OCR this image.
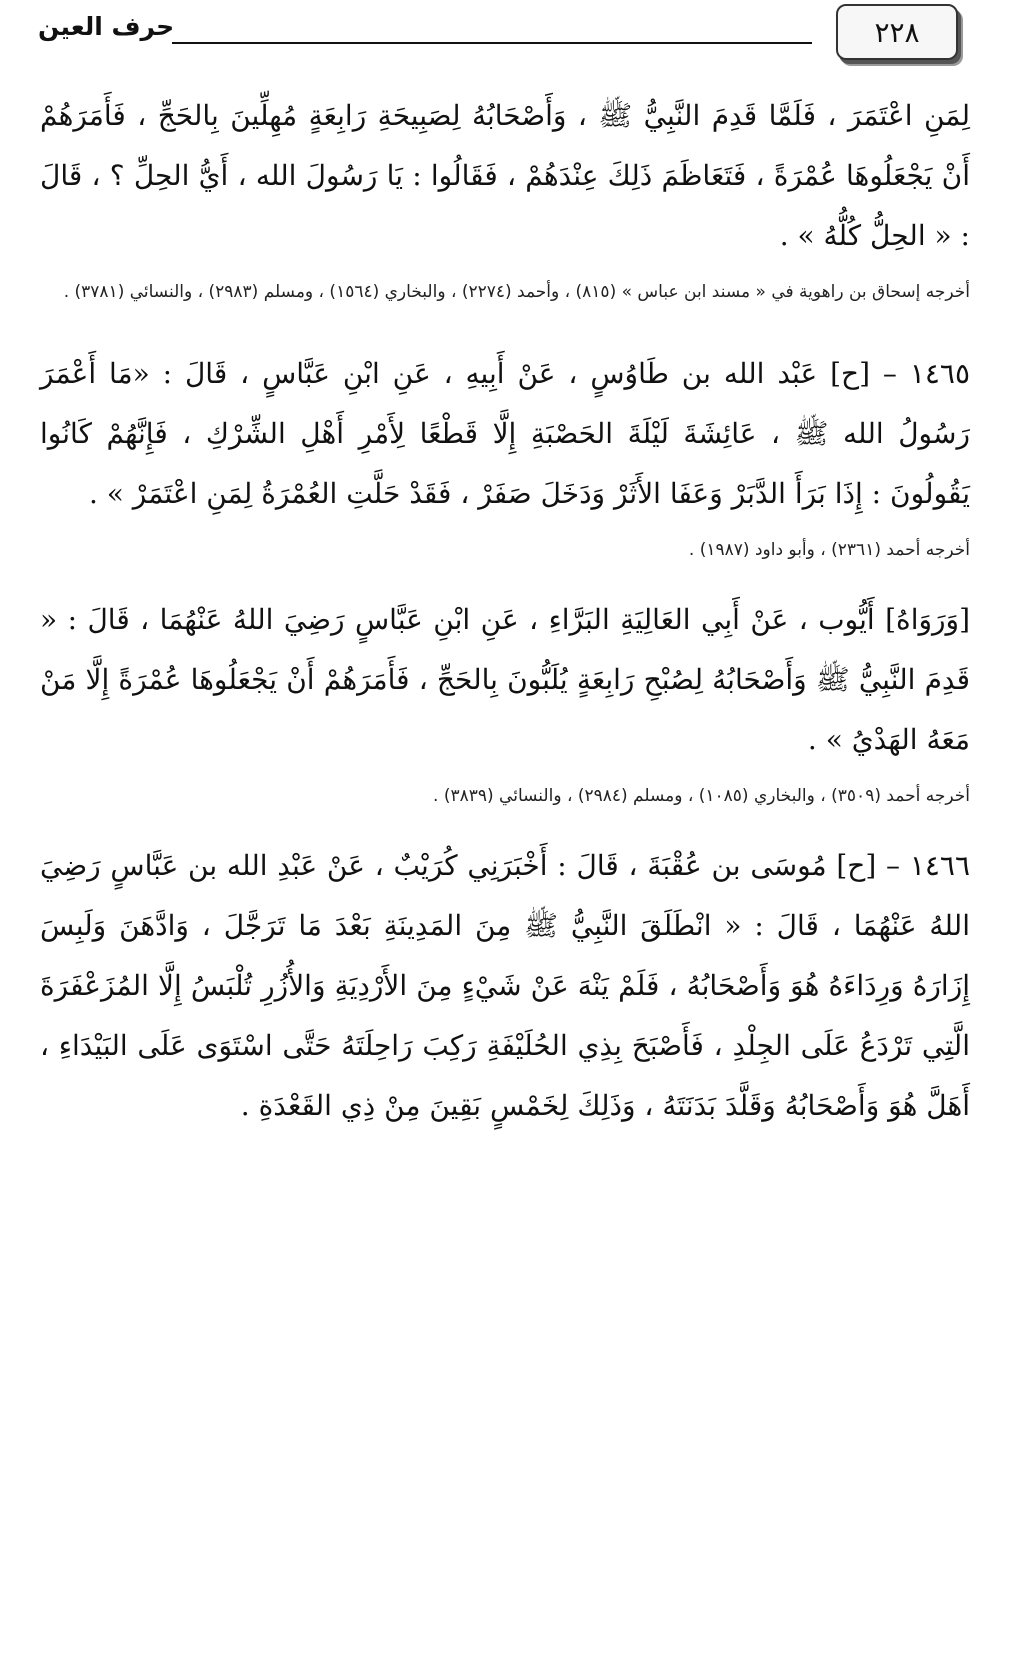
٢٢٨
حرف العين

لِمَنِ اعْتَمَرَ ، فَلَمَّا قَدِمَ النَّبِيُّ ﷺ ، وَأَصْحَابُهُ لِصَبِيحَةِ رَابِعَةٍ مُهِلِّينَ بِالحَجِّ ، فَأَمَرَهُمْ أَنْ يَجْعَلُوهَا عُمْرَةً ، فَتَعَاظَمَ ذَلِكَ عِنْدَهُمْ ، فَقَالُوا : يَا رَسُولَ الله ، أَيُّ الحِلِّ ؟ ، قَالَ : « الحِلُّ كُلُّهُ » .

أخرجه إسحاق بن راهوية في « مسند ابن عباس » (٨١٥) ، وأحمد (٢٢٧٤) ، والبخاري (١٥٦٤) ، ومسلم (٢٩٨٣) ، والنسائي (٣٧٨١) .

١٤٦٥ – [ح] عَبْد الله بن طَاوُسٍ ، عَنْ أَبِيهِ ، عَنِ ابْنِ عَبَّاسٍ ، قَالَ : «مَا أَعْمَرَ رَسُولُ الله ﷺ ، عَائِشَةَ لَيْلَةَ الحَصْبَةِ إِلَّا قَطْعًا لِأَمْرِ أَهْلِ الشِّرْكِ ، فَإِنَّهُمْ كَانُوا يَقُولُونَ : إِذَا بَرَأَ الدَّبَرْ وَعَفَا الأَثَرْ وَدَخَلَ صَفَرْ ، فَقَدْ حَلَّتِ العُمْرَةُ لِمَنِ اعْتَمَرْ » .

أخرجه أحمد (٢٣٦١) ، وأبو داود (١٩٨٧) .

[وَرَوَاهُ] أَيُّوب ، عَنْ أَبِي العَالِيَةِ البَرَّاءِ ، عَنِ ابْنِ عَبَّاسٍ رَضِيَ اللهُ عَنْهُمَا ، قَالَ : « قَدِمَ النَّبِيُّ ﷺ وَأَصْحَابُهُ لِصُبْحِ رَابِعَةٍ يُلَبُّونَ بِالحَجِّ ، فَأَمَرَهُمْ أَنْ يَجْعَلُوهَا عُمْرَةً إِلَّا مَنْ مَعَهُ الهَدْيُ » .

أخرجه أحمد (٣٥٠٩) ، والبخاري (١٠٨٥) ، ومسلم (٢٩٨٤) ، والنسائي (٣٨٣٩) .

١٤٦٦ – [ح] مُوسَى بن عُقْبَةَ ، قَالَ : أَخْبَرَنِي كُرَيْبٌ ، عَنْ عَبْدِ الله بن عَبَّاسٍ رَضِيَ اللهُ عَنْهُمَا ، قَالَ : « انْطَلَقَ النَّبِيُّ ﷺ مِنَ المَدِينَةِ بَعْدَ مَا تَرَجَّلَ ، وَادَّهَنَ وَلَبِسَ إِزَارَهُ وَرِدَاءَهُ هُوَ وَأَصْحَابُهُ ، فَلَمْ يَنْهَ عَنْ شَيْءٍ مِنَ الأَرْدِيَةِ وَالأُزُرِ تُلْبَسُ إِلَّا المُزَعْفَرَةَ الَّتِي تَرْدَعُ عَلَى الجِلْدِ ، فَأَصْبَحَ بِذِي الحُلَيْفَةِ رَكِبَ رَاحِلَتَهُ حَتَّى اسْتَوَى عَلَى البَيْدَاءِ ، أَهَلَّ هُوَ وَأَصْحَابُهُ وَقَلَّدَ بَدَنَتَهُ ، وَذَلِكَ لِخَمْسٍ بَقِينَ مِنْ ذِي القَعْدَةِ .
